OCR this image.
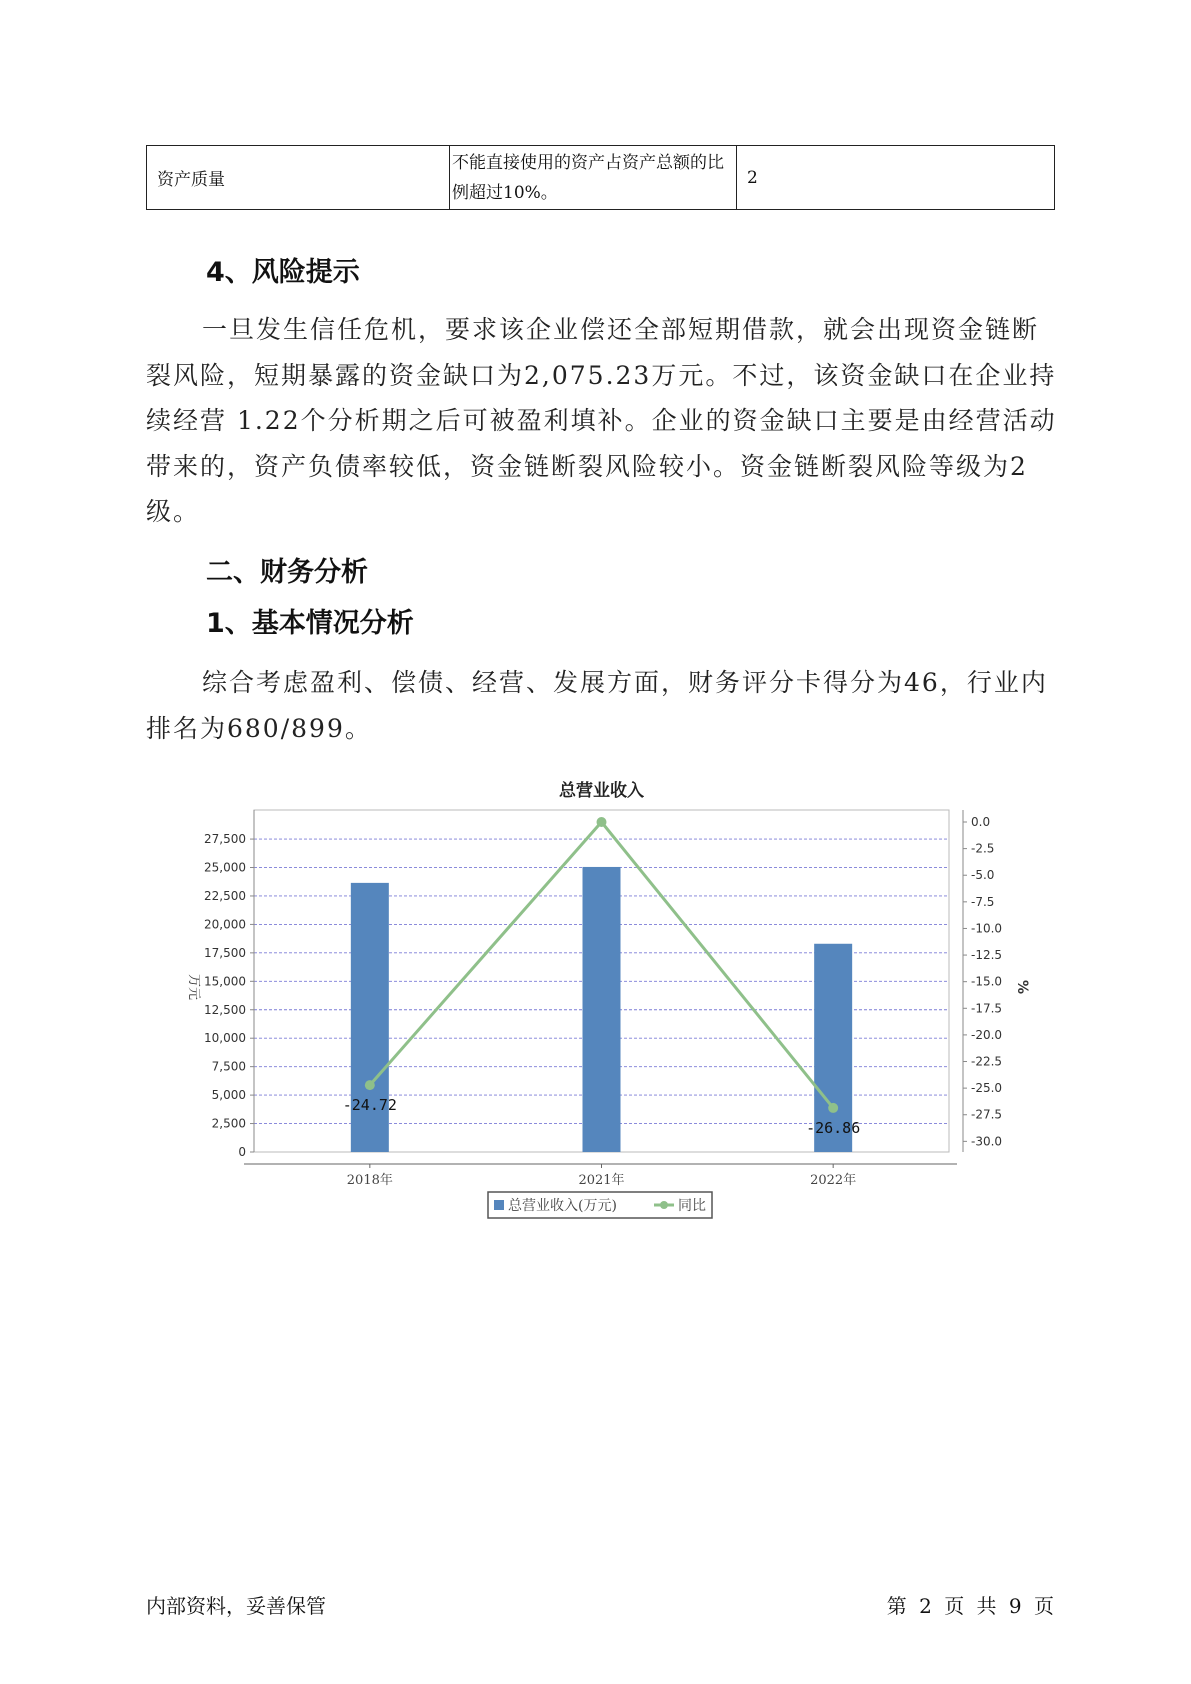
资产质量	不能直接使用的资产占资产总额的比例超过10%。	2
4、风险提示

一旦发生信任危机，要求该企业偿还全部短期借款，就会出现资金链断裂风险，短期暴露的资金缺口为2,075.23万元。不过，该资金缺口在企业持续经营 1.22个分析期之后可被盈利填补。企业的资金缺口主要是由经营活动带来的，资产负债率较低，资金链断裂风险较小。资金链断裂风险等级为2级。

二、财务分析
1、基本情况分析

综合考虑盈利、偿债、经营、发展方面，财务评分卡得分为46，行业内排名为680/899。

总营业收入
0
2,500
5,000
7,500
10,000
12,500
15,000
17,500
20,000
22,500
25,000
27,500
万元
0.0
-2.5
-5.0
-7.5
-10.0
-12.5
-15.0
-17.5
-20.0
-22.5
-25.0
-27.5
-30.0
%
2018年	2021年	2022年
-24.72
-26.86
总营业收入(万元)	同比
内部资料，妥善保管	第 2 页 共 9 页
